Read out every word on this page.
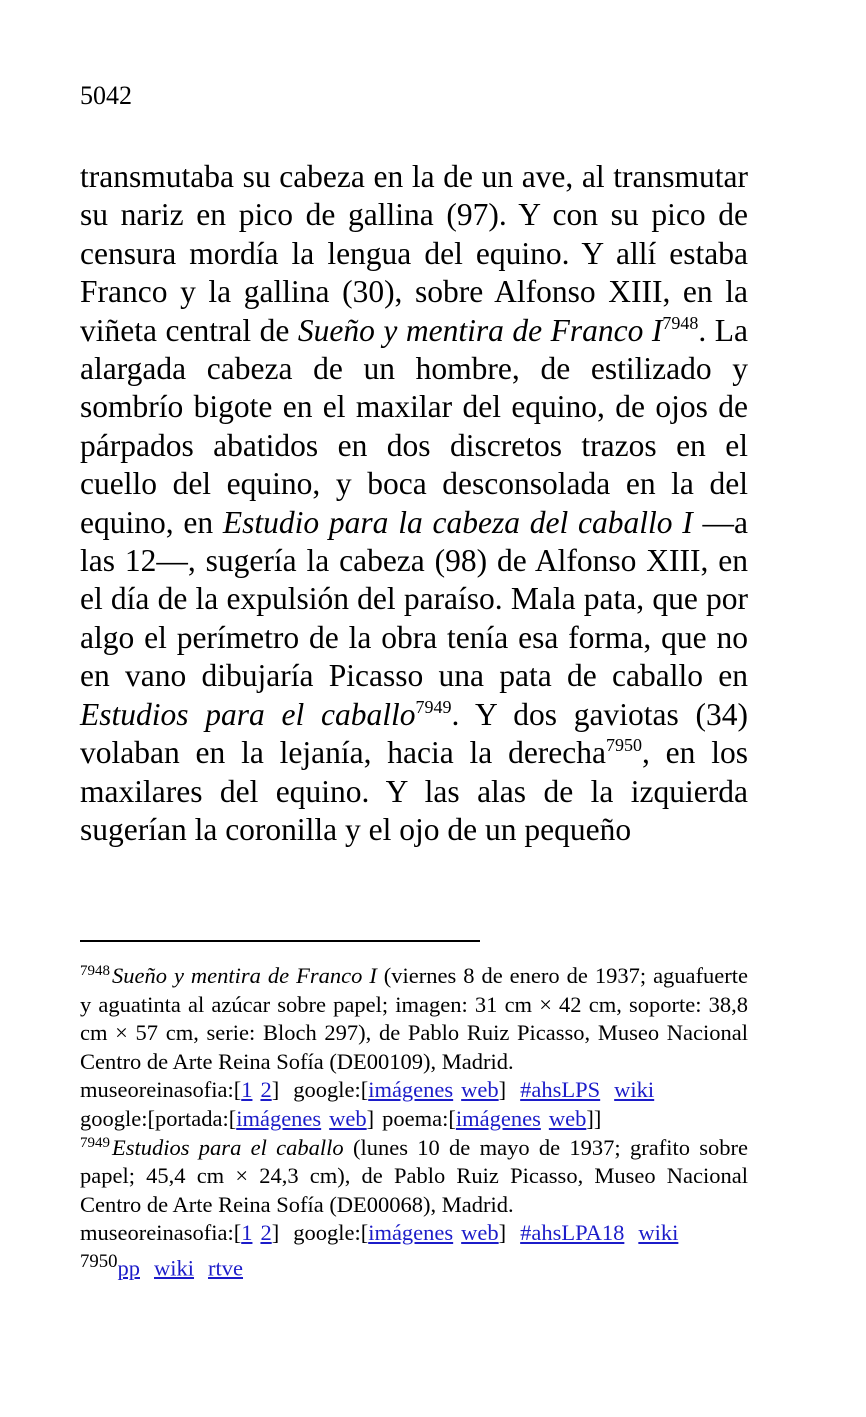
5042

transmutaba su cabeza en la de un ave, al transmutar su nariz en pico de gallina (97). Y con su pico de censura mordía la lengua del equino. Y allí estaba Franco y la gallina (30), sobre Alfonso XIII, en la viñeta central de Sueño y mentira de Franco I$^{7948}$. La alargada cabeza de un hombre, de estilizado y sombrío bigote en el maxilar del equino, de ojos de párpados abatidos en dos discretos trazos en el cuello del equino, y boca desconsolada en la del equino, en Estudio para la cabeza del caballo I —a las 12—, sugería la cabeza (98) de Alfonso XIII, en el día de la expulsión del paraíso. Mala pata, que por algo el perímetro de la obra tenía esa forma, que no en vano dibujaría Picasso una pata de caballo en Estudios para el caballo$^{7949}$. Y dos gaviotas (34) volaban en la lejanía, hacia la derecha$^{7950}$, en los maxilares del equino. Y las alas de la izquierda sugerían la coronilla y el ojo de un pequeño

$^{7948}$Sueño y mentira de Franco I (viernes 8 de enero de 1937; aguafuerte y aguatinta al azúcar sobre papel; imagen: 31 cm × 42 cm, soporte: 38,8 cm × 57 cm, serie: Bloch 297), de Pablo Ruiz Picasso, Museo Nacional Centro de Arte Reina Sofía (DE00109), Madrid.

museoreinasofia:[1 2] google:[imágenes web] #ahsLPS wiki

google:[portada:[imágenes web] poema:[imágenes web]]

$^{7949}$Estudios para el caballo (lunes 10 de mayo de 1937; grafito sobre papel; 45,4 cm × 24,3 cm), de Pablo Ruiz Picasso, Museo Nacional Centro de Arte Reina Sofía (DE00068), Madrid.

museoreinasofia:[1 2] google:[imágenes web] #ahsLPA18 wiki

$^{7950}$pp wiki rtve
